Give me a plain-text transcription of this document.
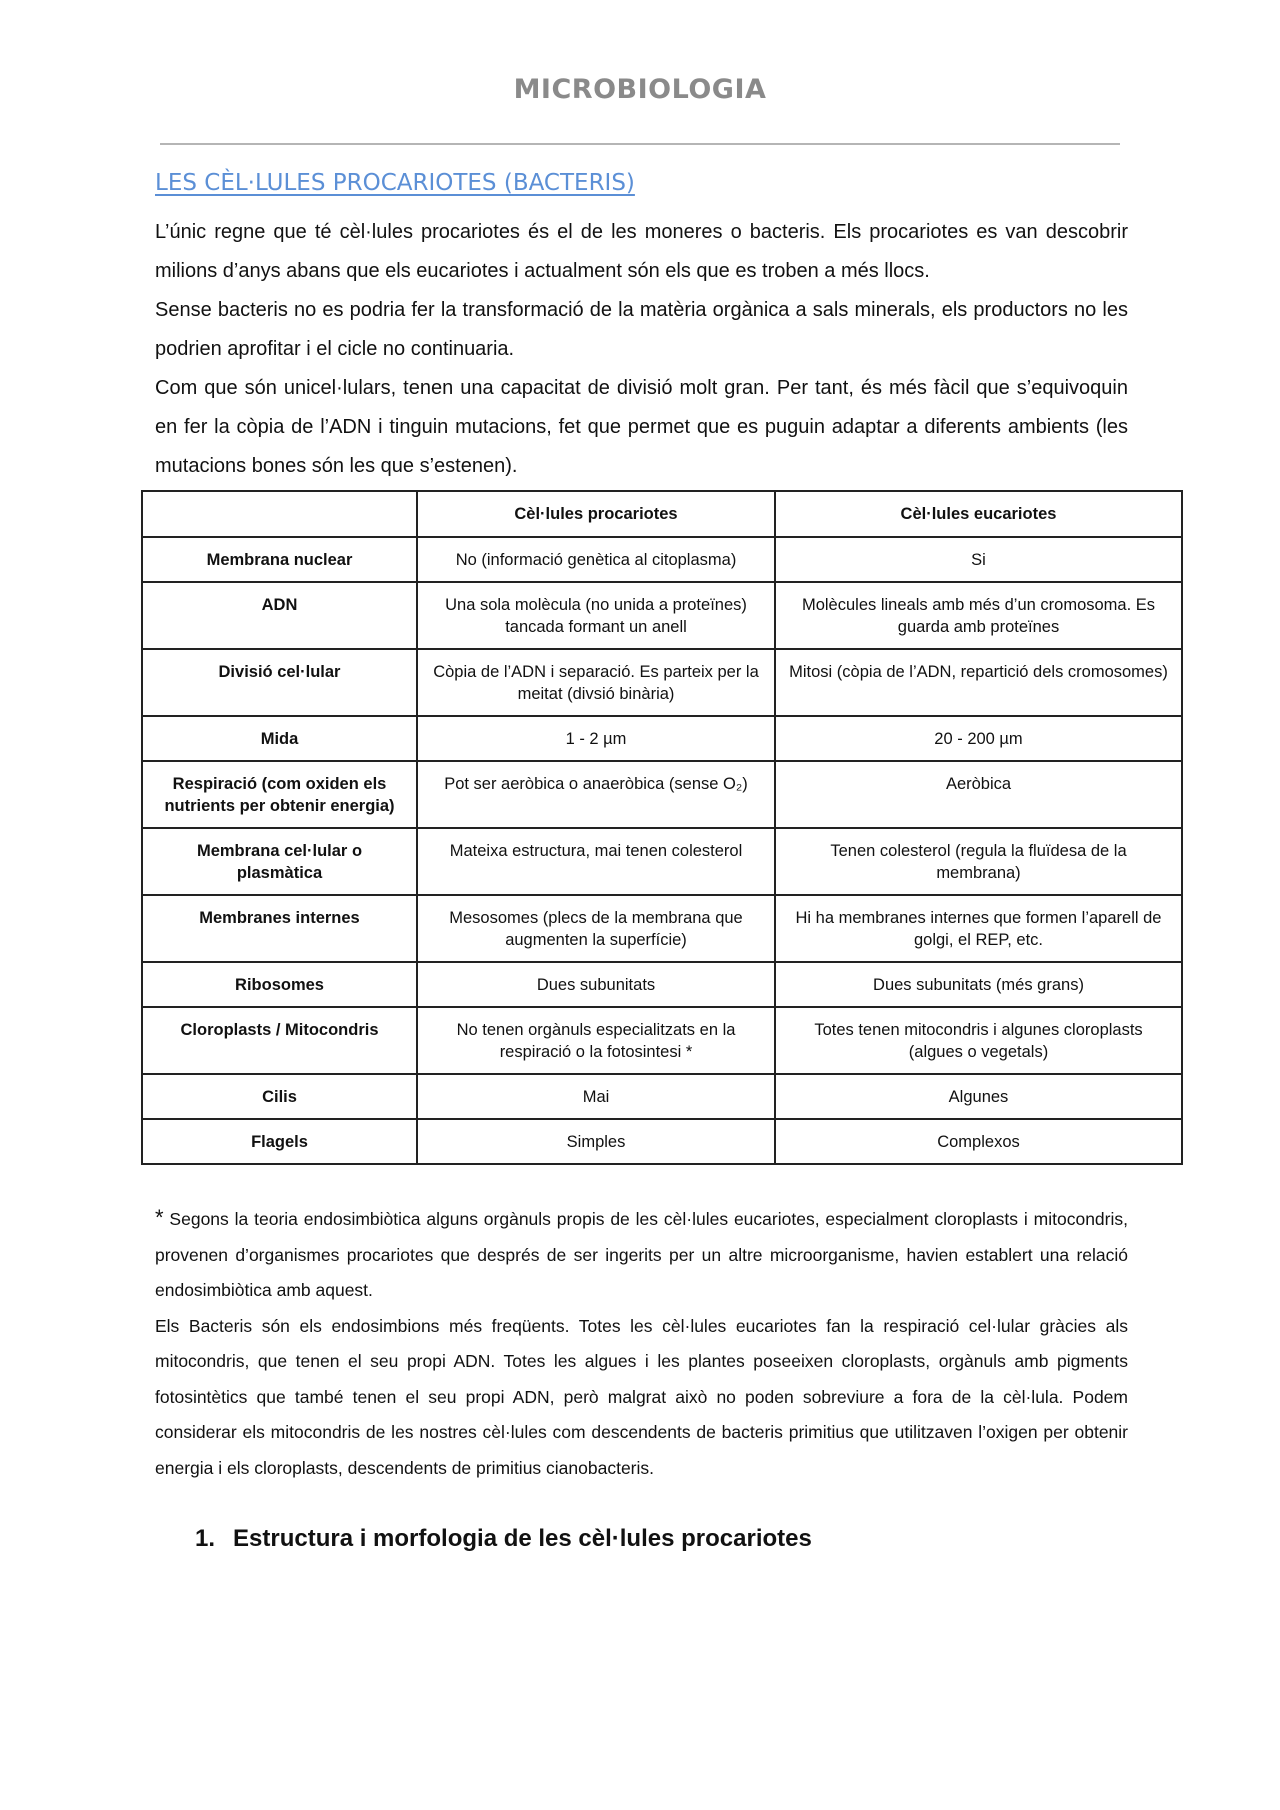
MICROBIOLOGIA
LES CÈL·LULES PROCARIOTES (BACTERIS)

L’únic regne que té cèl·lules procariotes és el de les moneres o bacteris. Els procariotes es van descobrir milions d’anys abans que els eucariotes i actualment són els que es troben a més llocs.

Sense bacteris no es podria fer la transformació de la matèria orgànica a sals minerals, els productors no les podrien aprofitar i el cicle no continuaria.

Com que són unicel·lulars, tenen una capacitat de divisió molt gran. Per tant, és més fàcil que s’equivoquin en fer la còpia de l’ADN i tinguin mutacions, fet que permet que es puguin adaptar a diferents ambients (les mutacions bones són les que s’estenen).

	Cèl·lules procariotes	Cèl·lules eucariotes
Membrana nuclear	No (informació genètica al citoplasma)	Si
ADN	Una sola molècula (no unida a proteïnes) tancada formant un anell	Molècules lineals amb més d’un cromosoma. Es guarda amb proteïnes
Divisió cel·lular	Còpia de l’ADN i separació. Es parteix per la meitat (divsió binària)	Mitosi (còpia de l’ADN, repartició dels cromosomes)
Mida	1 - 2 µm	20 - 200 µm
Respiració (com oxiden els nutrients per obtenir energia)	Pot ser aeròbica o anaeròbica (sense O₂)	Aeròbica
Membrana cel·lular o plasmàtica	Mateixa estructura, mai tenen colesterol	Tenen colesterol (regula la fluïdesa de la membrana)
Membranes internes	Mesosomes (plecs de la membrana que augmenten la superfície)	Hi ha membranes internes que formen l’aparell de golgi, el REP, etc.
Ribosomes	Dues subunitats	Dues subunitats (més grans)
Cloroplasts / Mitocondris	No tenen orgànuls especialitzats en la respiració o la fotosintesi *	Totes tenen mitocondris i algunes cloroplasts (algues o vegetals)
Cilis	Mai	Algunes
Flagels	Simples	Complexos

* Segons la teoria endosimbiòtica alguns orgànuls propis de les cèl·lules eucariotes, especialment cloroplasts i mitocondris, provenen d’organismes procariotes que després de ser ingerits per un altre microorganisme, havien establert una relació endosimbiòtica amb aquest.

Els Bacteris són els endosimbions més freqüents. Totes les cèl·lules eucariotes fan la respiració cel·lular gràcies als mitocondris, que tenen el seu propi ADN. Totes les algues i les plantes poseeixen cloroplasts, orgànuls amb pigments fotosintètics que també tenen el seu propi ADN, però malgrat això no poden sobreviure a fora de la cèl·lula. Podem considerar els mitocondris de les nostres cèl·lules com descendents de bacteris primitius que utilitzaven l’oxigen per obtenir energia i els cloroplasts, descendents de primitius cianobacteris.

1. Estructura i morfologia de les cèl·lules procariotes
